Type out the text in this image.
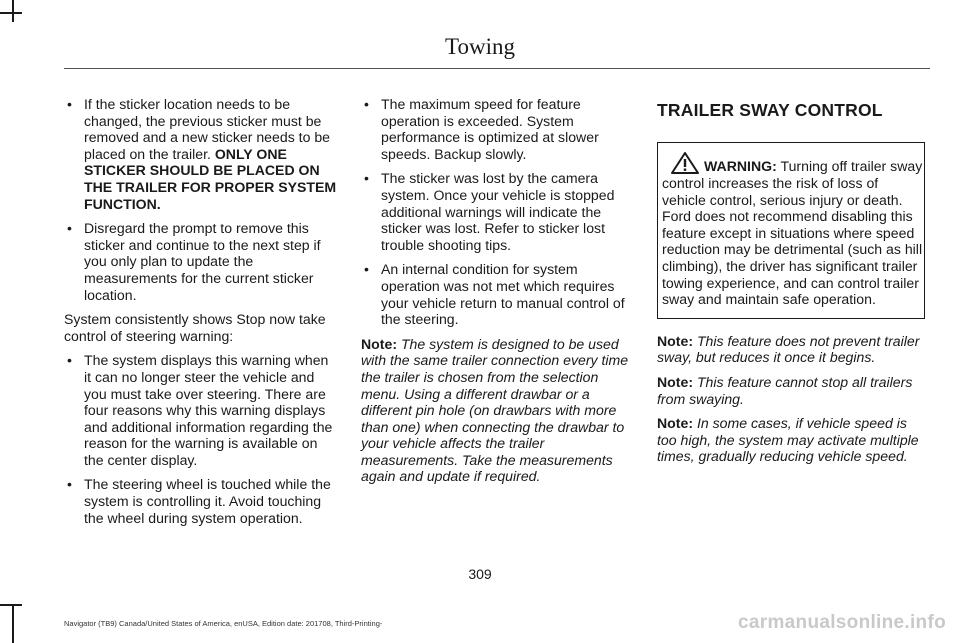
Towing
• If the sticker location needs to be changed, the previous sticker must be removed and a new sticker needs to be placed on the trailer. ONLY ONE STICKER SHOULD BE PLACED ON THE TRAILER FOR PROPER SYSTEM FUNCTION.
• Disregard the prompt to remove this sticker and continue to the next step if you only plan to update the measurements for the current sticker location.

System consistently shows Stop now take control of steering warning:

• The system displays this warning when it can no longer steer the vehicle and you must take over steering. There are four reasons why this warning displays and additional information regarding the reason for the warning is available on the center display.
• The steering wheel is touched while the system is controlling it. Avoid touching the wheel during system operation.
• The maximum speed for feature operation is exceeded. System performance is optimized at slower speeds. Backup slowly.
• The sticker was lost by the camera system. Once your vehicle is stopped additional warnings will indicate the sticker was lost. Refer to sticker lost trouble shooting tips.
• An internal condition for system operation was not met which requires your vehicle return to manual control of the steering.

Note: The system is designed to be used with the same trailer connection every time the trailer is chosen from the selection menu. Using a different drawbar or a different pin hole (on drawbars with more than one) when connecting the drawbar to your vehicle affects the trailer measurements. Take the measurements again and update if required.

TRAILER SWAY CONTROL
WARNING: Turning off trailer sway control increases the risk of loss of vehicle control, serious injury or death. Ford does not recommend disabling this feature except in situations where speed reduction may be detrimental (such as hill climbing), the driver has significant trailer towing experience, and can control trailer sway and maintain safe operation.

Note: This feature does not prevent trailer sway, but reduces it once it begins.

Note: This feature cannot stop all trailers from swaying.

Note: In some cases, if vehicle speed is too high, the system may activate multiple times, gradually reducing vehicle speed.

309
Navigator (TB9) Canada/United States of America, enUSA, Edition date: 201708, Third-Printing-	carmanualsonline.info
